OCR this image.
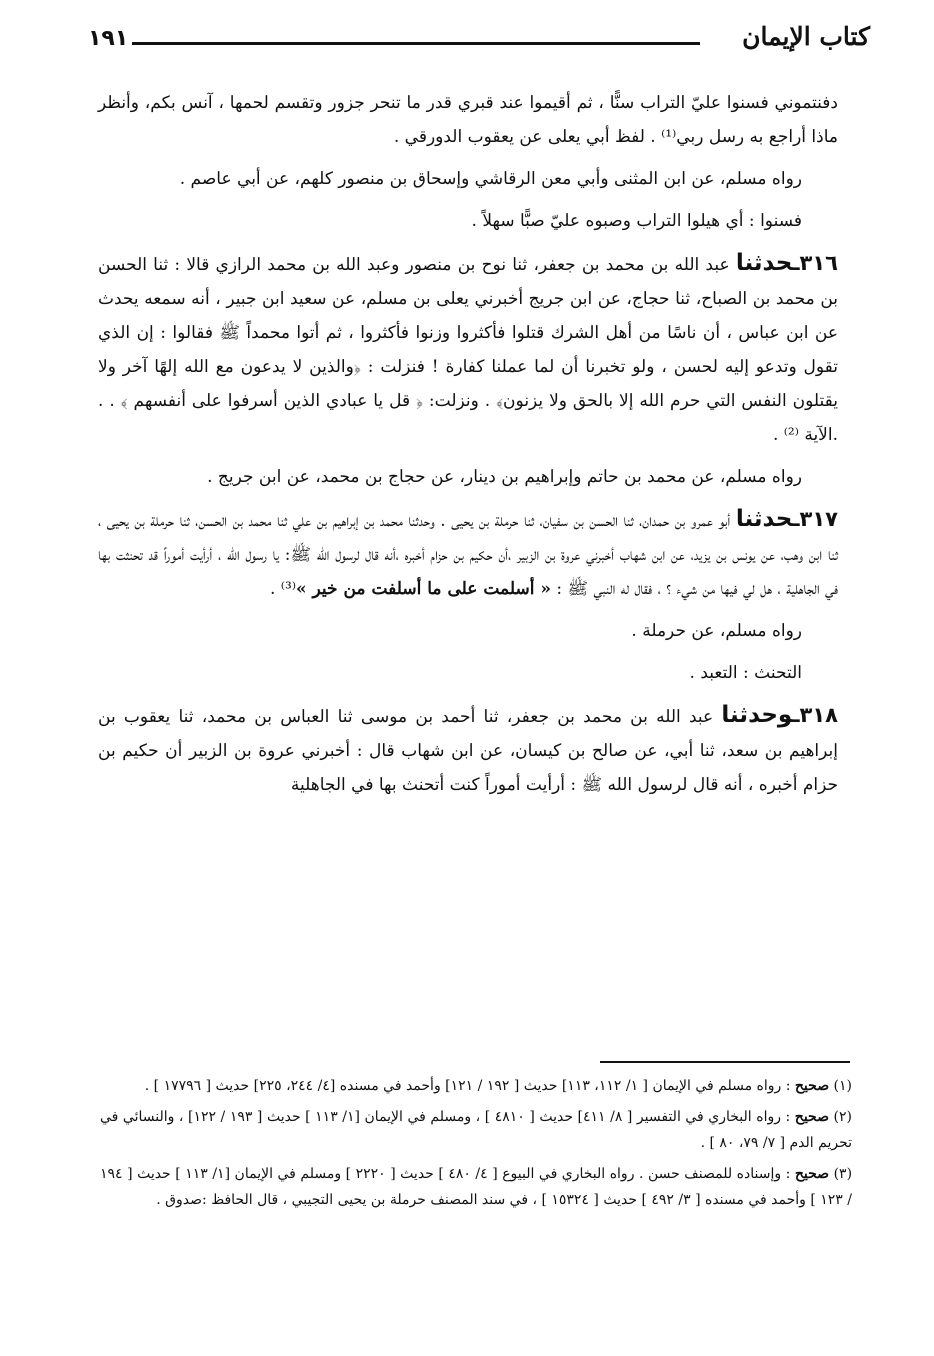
كتاب الإيمان
١٩١

دفنتموني فسنوا عليّ التراب سنًّا ، ثم أقيموا عند قبري قدر ما تنحر جزور وتقسم لحمها ، آنس بكم، وأنظر ماذا أراجع به رسل ربي⁽¹⁾ . لفظ أبي يعلى عن يعقوب الدورقي .

رواه مسلم، عن ابن المثنى وأبي معن الرقاشي وإسحاق بن منصور كلهم، عن أبي عاصم .

فسنوا : أي هيلوا التراب وصبوه عليّ صبًّا سهلاً .

٣١٦ـحدثنا عبد الله بن محمد بن جعفر، ثنا نوح بن منصور وعبد الله بن محمد الرازي قالا : ثنا الحسن بن محمد بن الصباح، ثنا حجاج، عن ابن جريج أخبرني يعلى بن مسلم، عن سعيد ابن جبير ، أنه سمعه يحدث عن ابن عباس ، أن ناسًا من أهل الشرك قتلوا فأكثروا وزنوا فأكثروا ، ثم أتوا محمداً ﷺ فقالوا : إن الذي تقول وتدعو إليه لحسن ، ولو تخبرنا أن لما عملنا كفارة ! فنزلت : ﴿والذين لا يدعون مع الله إلهًا آخر ولا يقتلون النفس التي حرم الله إلا بالحق ولا يزنون﴾ . ونزلت: ﴿ قل يا عبادي الذين أسرفوا على أنفسهم ﴾ . . .الآية ⁽²⁾ .

رواه مسلم، عن محمد بن حاتم وإبراهيم بن دينار، عن حجاج بن محمد، عن ابن جريج .

٣١٧ـحدثنا أبو عمرو بن حمدان، ثنا الحسن بن سفيان، ثنا حرملة بن يحيى . وحدثنا محمد بن إبراهيم بن علي ثنا محمد بن الحسن، ثنا حرملة بن يحيى ، ثنا ابن وهب، عن يونس بن يزيد، عن ابن شهاب أخبرني عروة بن الزبير ،أن حكيم بن حزام أخبره ،أنه قال لرسول الله ﷺ: يا رسول الله ، أرأيت أموراً قد تحنثت بها في الجاهلية ، هل لي فيها من شيء ؟ ، فقال له النبي ﷺ : « أسلمت على ما أسلفت من خير »⁽³⁾ .

رواه مسلم، عن حرملة .

التحنث : التعبد .

٣١٨ـوحدثنا عبد الله بن محمد بن جعفر، ثنا أحمد بن موسى ثنا العباس بن محمد، ثنا يعقوب بن إبراهيم بن سعد، ثنا أبي، عن صالح بن كيسان، عن ابن شهاب قال : أخبرني عروة بن الزبير أن حكيم بن حزام أخبره ، أنه قال لرسول الله ﷺ : أرأيت أموراً كنت أتحنث بها في الجاهلية

(١) صحيح : رواه مسلم في الإيمان [ ١/ ١١٢، ١١٣] حديث [ ١٩٢ / ١٢١] وأحمد في مسنده [٤/ ٢٤٤، ٢٢٥] حديث [ ١٧٧٩٦ ] .

(٢) صحيح : رواه البخاري في التفسير [ ٨/ ٤١١] حديث [ ٤٨١٠ ] ، ومسلم في الإيمان [١/ ١١٣ ] حديث [ ١٩٣ / ١٢٢] ، والنسائي في تحريم الدم [ ٧/ ٧٩، ٨٠ ] .

(٣) صحيح : وإسناده للمصنف حسن . رواه البخاري في البيوع [ ٤/ ٤٨٠ ] حديث [ ٢٢٢٠ ] ومسلم في الإيمان [١/ ١١٣ ] حديث [ ١٩٤ / ١٢٣ ] وأحمد في مسنده [ ٣/ ٤٩٢ ] حديث [ ١٥٣٢٤ ] ، في سند المصنف حرملة بن يحيى التجيبي ، قال الحافظ :صدوق .
